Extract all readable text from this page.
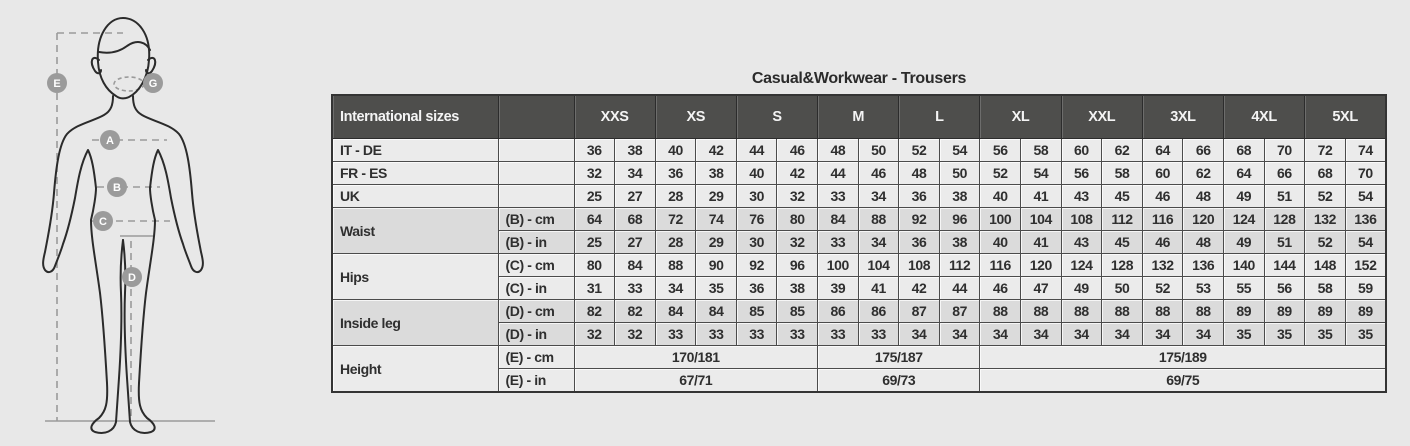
E	G
A
B
C
D
Casual&Workwear - Trousers
International sizes		XXS		XS		S		M		L		XL		XXL		3XL		4XL		5XL	
IT - DE		36	38	40	42	44	46	48	50	52	54	56	58	60	62	64	66	68	70	72	74
FR - ES		32	34	36	38	40	42	44	46	48	50	52	54	56	58	60	62	64	66	68	70
UK		25	27	28	29	30	32	33	34	36	38	40	41	43	45	46	48	49	51	52	54
Waist	(B) - cm	64	68	72	74	76	80	84	88	92	96	100	104	108	112	116	120	124	128	132	136
	(B) - in	25	27	28	29	30	32	33	34	36	38	40	41	43	45	46	48	49	51	52	54
Hips	(C) - cm	80	84	88	90	92	96	100	104	108	112	116	120	124	128	132	136	140	144	148	152
	(C) - in	31	33	34	35	36	38	39	41	42	44	46	47	49	50	52	53	55	56	58	59
Inside leg	(D) - cm	82	82	84	84	85	85	86	86	87	87	88	88	88	88	88	88	89	89	89	89
	(D) - in	32	32	33	33	33	33	33	33	34	34	34	34	34	34	34	34	35	35	35	35
Height	(E) - cm	170/181						175/187				175/189									
	(E) - in	67/71						69/73				69/75									
